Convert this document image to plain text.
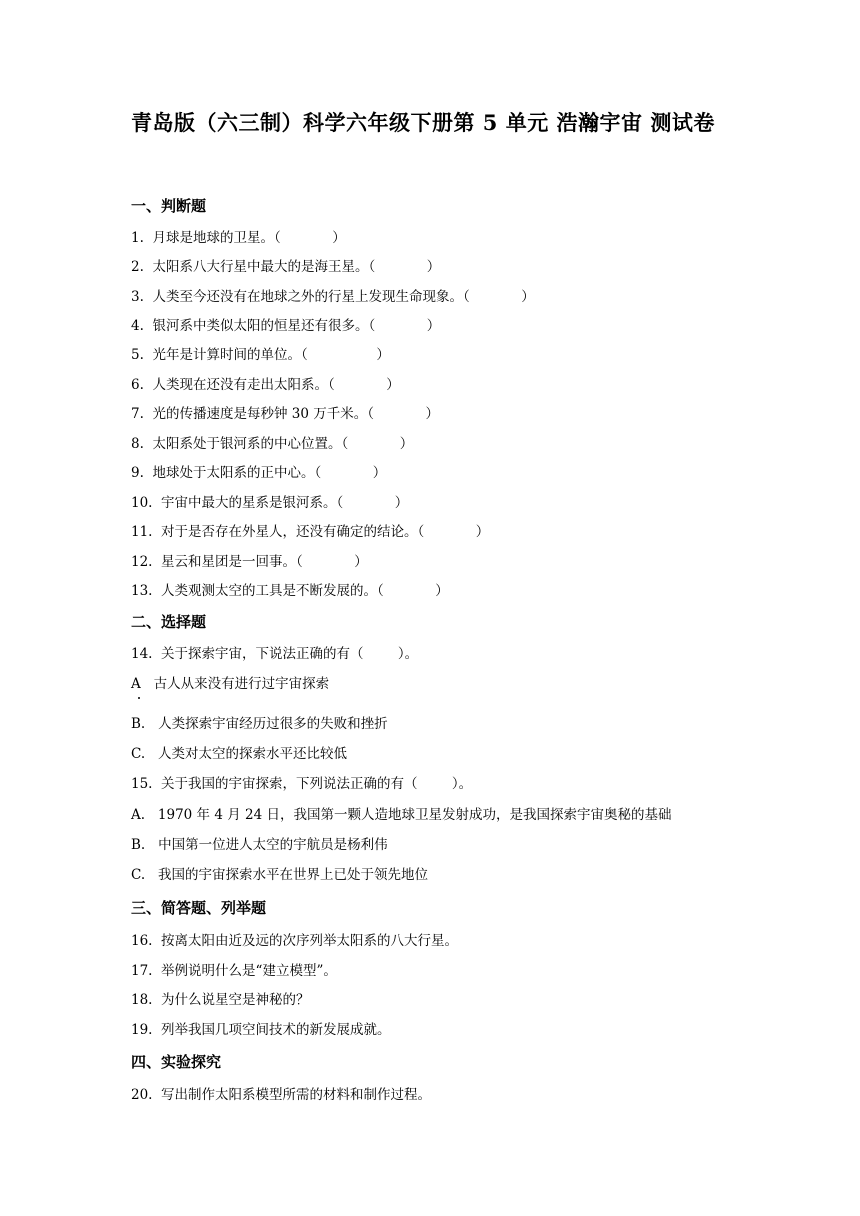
青岛版（六三制）科学六年级下册第 5 单元 浩瀚宇宙 测试卷
一、判断题
1.  月球是地球的卫星。（            ）
2.  太阳系八大行星中最大的是海王星。（            ）
3.  人类至今还没有在地球之外的行星上发现生命现象。（            ）
4.  银河系中类似太阳的恒星还有很多。（            ）
5.  光年是计算时间的单位。（                ）
6.  人类现在还没有走出太阳系。（            ）
7.  光的传播速度是每秒钟 30 万千米。（            ）
8.  太阳系处于银河系的中心位置。（            ）
9.  地球处于太阳系的正中心。（            ）
10.  宇宙中最大的星系是银河系。（            ）
11.  对于是否存在外星人，还没有确定的结论。（            ）
12.  星云和星团是一回事。（            ）
13.  人类观测太空的工具是不断发展的。（            ）
二、选择题
14.  关于探索宇宙，下说法正确的有（        ）。
A   古人从来没有进行过宇宙探索
B.   人类探索宇宙经历过很多的失败和挫折
C.   人类对太空的探索水平还比较低
15.  关于我国的宇宙探索，下列说法正确的有（        ）。
A.   1970 年 4 月 24 日，我国第一颗人造地球卫星发射成功，是我国探索宇宙奥秘的基础
B.   中国第一位进人太空的宇航员是杨利伟
C.   我国的宇宙探索水平在世界上已处于领先地位
三、简答题、列举题
16.  按离太阳由近及远的次序列举太阳系的八大行星。
17.  举例说明什么是“建立模型”。
18.  为什么说星空是神秘的？
19.  列举我国几项空间技术的新发展成就。
四、实验探究
20.  写出制作太阳系模型所需的材料和制作过程。
